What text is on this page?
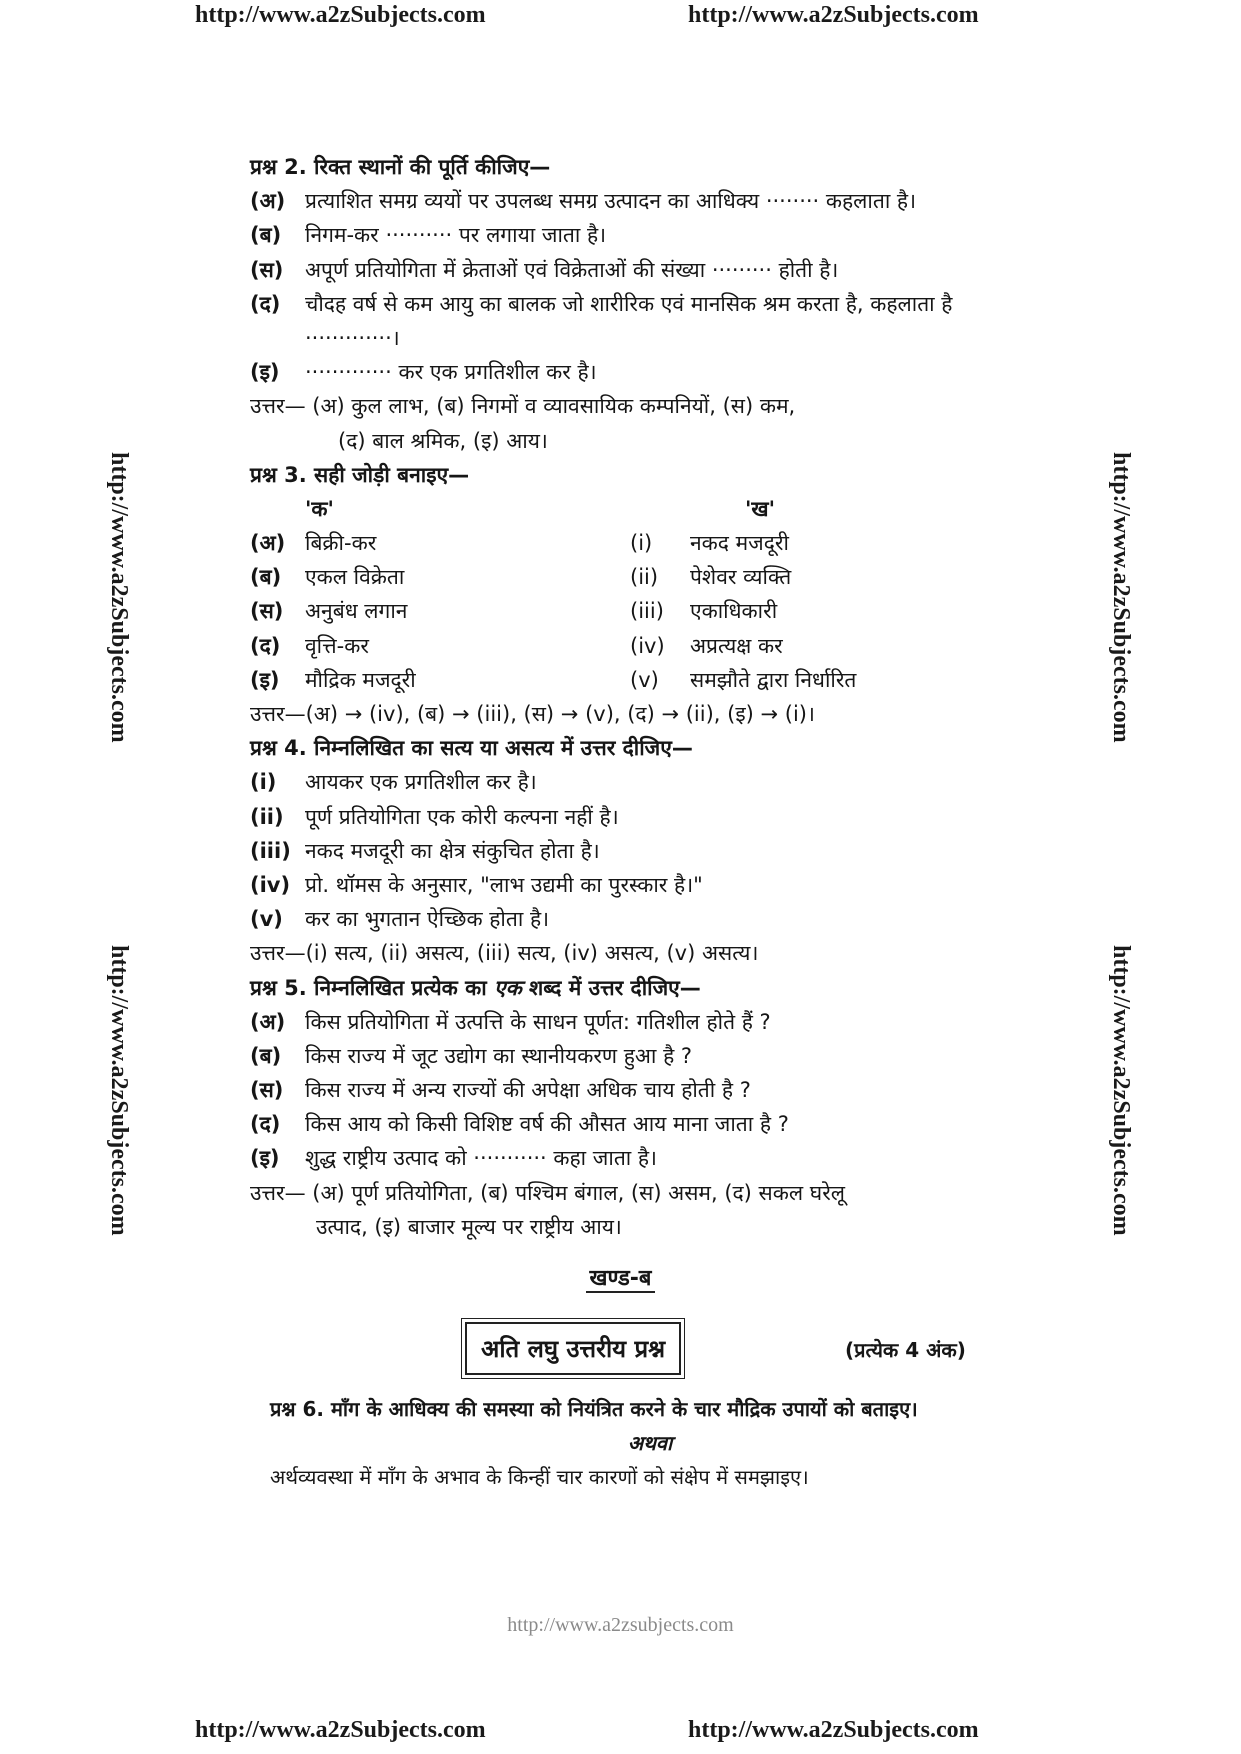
http://www.a2zSubjects.com	http://www.a2zSubjects.com
http://www.a2zSubjects.com	http://www.a2zSubjects.com
http://www.a2zSubjects.com
http://www.a2zSubjects.com
http://www.a2zSubjects.com
http://www.a2zSubjects.com
http://www.a2zsubjects.com
प्रश्न 2. रिक्त स्थानों की पूर्ति कीजिए—
(अ) प्रत्याशित समग्र व्ययों पर उपलब्ध समग्र उत्पादन का आधिक्य ········ कहलाता है।
(ब)	निगम-कर ·········· पर लगाया जाता है।
(स)	अपूर्ण प्रतियोगिता में क्रेताओं एवं विक्रेताओं की संख्या ········· होती है।
(द)	चौदह वर्ष से कम आयु का बालक जो शारीरिक एवं मानसिक श्रम करता है, कहलाता है ·············।
(इ)	············· कर एक प्रगतिशील कर है।
उत्तर— (अ) कुल लाभ, (ब) निगमों व व्यावसायिक कम्पनियों, (स) कम,
(द) बाल श्रमिक, (इ) आय।
प्रश्न 3. सही जोड़ी बनाइए—
'क'	'ख'
(अ) बिक्री-कर	(i) नकद मजदूरी
(ब) एकल विक्रेता	(ii) पेशेवर व्यक्ति
(स) अनुबंध लगान	(iii) एकाधिकारी
(द) वृत्ति-कर	(iv) अप्रत्यक्ष कर
(इ) मौद्रिक मजदूरी	(v) समझौते द्वारा निर्धारित
उत्तर—(अ) → (iv), (ब) → (iii), (स) → (v), (द) → (ii), (इ) → (i)।
प्रश्न 4. निम्नलिखित का सत्य या असत्य में उत्तर दीजिए—
(i)	आयकर एक प्रगतिशील कर है।
(ii)	पूर्ण प्रतियोगिता एक कोरी कल्पना नहीं है।
(iii) नकद मजदूरी का क्षेत्र संकुचित होता है।
(iv) प्रो. थॉमस के अनुसार, "लाभ उद्यमी का पुरस्कार है।"
(v)	कर का भुगतान ऐच्छिक होता है।
उत्तर—(i) सत्य, (ii) असत्य, (iii) सत्य, (iv) असत्य, (v) असत्य।
प्रश्न 5. निम्नलिखित प्रत्येक का एक शब्द में उत्तर दीजिए—
(अ) किस प्रतियोगिता में उत्पत्ति के साधन पूर्णत: गतिशील होते हैं ?
(ब)	किस राज्य में जूट उद्योग का स्थानीयकरण हुआ है ?
(स)	किस राज्य में अन्य राज्यों की अपेक्षा अधिक चाय होती है ?
(द)	किस आय को किसी विशिष्ट वर्ष की औसत आय माना जाता है ?
(इ)	शुद्ध राष्ट्रीय उत्पाद को ··········· कहा जाता है।
उत्तर— (अ) पूर्ण प्रतियोगिता, (ब) पश्चिम बंगाल, (स) असम, (द) सकल घरेलू
उत्पाद, (इ) बाजार मूल्य पर राष्ट्रीय आय।
खण्ड-ब
अति लघु उत्तरीय प्रश्न	(प्रत्येक 4 अंक)
प्रश्न 6. माँग के आधिक्य की समस्या को नियंत्रित करने के चार मौद्रिक उपायों को बताइए।
अथवा
अर्थव्यवस्था में माँग के अभाव के किन्हीं चार कारणों को संक्षेप में समझाइए।
